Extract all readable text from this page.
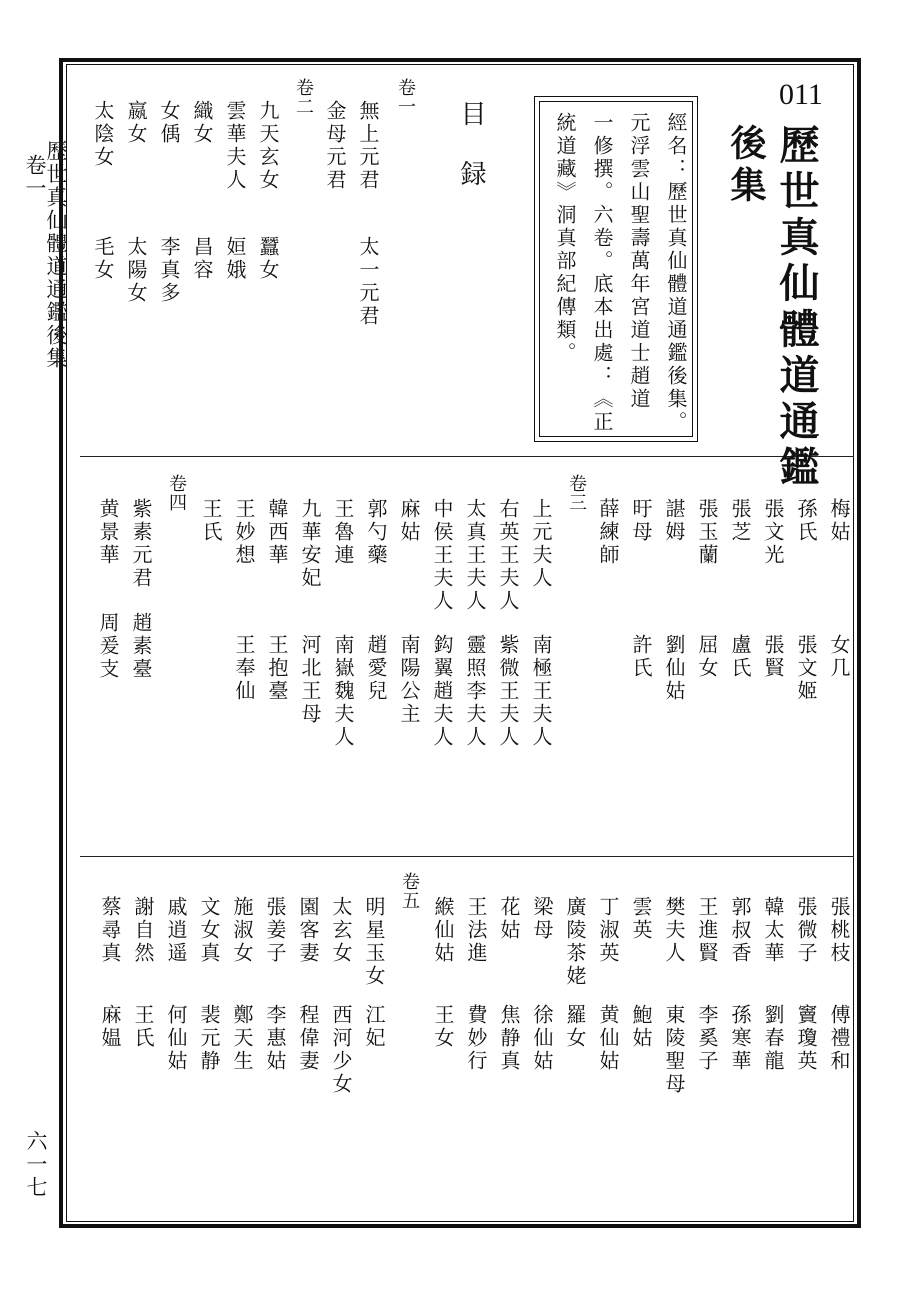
歷世真仙體道通鑑後集
卷一
六一七
011
歷世真仙體道通鑑
後集
經名：歷世真仙體道通鑑後集。
元浮雲山聖壽萬年宮道士趙道
一修撰。六卷。底本出處：《正
統道藏》洞真部紀傳類。
目録
卷一
無上元君
太一元君
金母元君
卷二
九天玄女
蠶女
雲華夫人
姮娥
織女
昌容
女偊
李真多
嬴女
太陽女
太陰女
毛女
梅姑
女几
孫氏
張文姬
張文光
張賢
張芝
盧氏
張玉蘭
屈女
諶姆
劉仙姑
旴母
許氏
薛練師
卷三
上元夫人
南極王夫人
右英王夫人
紫微王夫人
太真王夫人
靈照李夫人
中侯王夫人
鈎翼趙夫人
麻姑
南陽公主
郭勺藥
趙愛兒
王魯連
南嶽魏夫人
九華安妃
河北王母
韓西華
王抱臺
王妙想
王奉仙
王氏
卷四
紫素元君
趙素臺
黄景華
周爰支
張桃枝
傅禮和
張微子
竇瓊英
韓太華
劉春龍
郭叔香
孫寒華
王進賢
李奚子
樊夫人
東陵聖母
雲英
鮑姑
丁淑英
黄仙姑
廣陵茶姥
羅女
梁母
徐仙姑
花姑
焦静真
王法進
費妙行
緱仙姑
王女
卷五
明星玉女
江妃
太玄女
西河少女
園客妻
程偉妻
張姜子
李惠姑
施淑女
鄭天生
文女真
裴元静
戚逍遥
何仙姑
謝自然
王氏
蔡尋真
麻媪
